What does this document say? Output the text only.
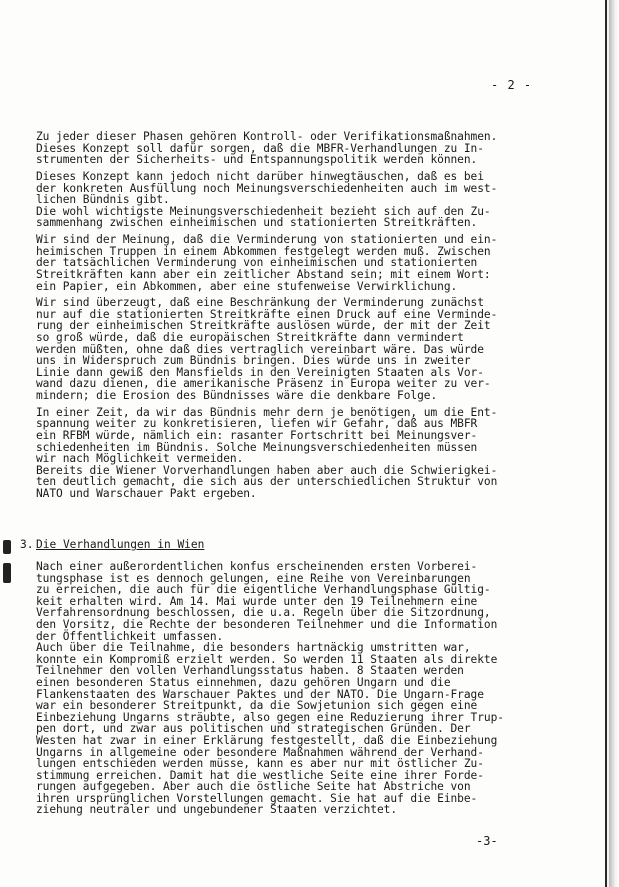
- 2 -

Zu jeder dieser Phasen gehören Kontroll- oder Verifikationsmaßnahmen.
Dieses Konzept soll dafür sorgen, daß die MBFR-Verhandlungen zu In-
strumenten der Sicherheits- und Entspannungspolitik werden können.

Dieses Konzept kann jedoch nicht darüber hinwegtäuschen, daß es bei
der konkreten Ausfüllung noch Meinungsverschiedenheiten auch im west-
lichen Bündnis gibt.
Die wohl wichtigste Meinungsverschiedenheit bezieht sich auf den Zu-
sammenhang zwischen einheimischen und stationierten Streitkräften.

Wir sind der Meinung, daß die Verminderung von stationierten und ein-
heimischen Truppen in einem Abkommen festgelegt werden muß. Zwischen
der tatsächlichen Verminderung von einheimischen und stationierten
Streitkräften kann aber ein zeitlicher Abstand sein; mit einem Wort:
ein Papier, ein Abkommen, aber eine stufenweise Verwirklichung.

Wir sind überzeugt, daß eine Beschränkung der Verminderung zunächst
nur auf die stationierten Streitkräfte einen Druck auf eine Verminde-
rung der einheimischen Streitkräfte auslösen würde, der mit der Zeit
so groß würde, daß die europäischen Streitkräfte dann vermindert
werden müßten, ohne daß dies vertraglich vereinbart wäre. Das würde
uns in Widerspruch zum Bündnis bringen. Dies würde uns in zweiter
Linie dann gewiß den Mansfields in den Vereinigten Staaten als Vor-
wand dazu dienen, die amerikanische Präsenz in Europa weiter zu ver-
mindern; die Erosion des Bündnisses wäre die denkbare Folge.

In einer Zeit, da wir das Bündnis mehr dern je benötigen, um die Ent-
spannung weiter zu konkretisieren, liefen wir Gefahr, daß aus MBFR
ein RFBM würde, nämlich ein: rasanter Fortschritt bei Meinungsver-
schiedenheiten im Bündnis. Solche Meinungsverschiedenheiten müssen
wir nach Möglichkeit vermeiden.
Bereits die Wiener Vorverhandlungen haben aber auch die Schwierigkei-
ten deutlich gemacht, die sich aus der unterschiedlichen Struktur von
NATO und Warschauer Pakt ergeben.

3. Die Verhandlungen in Wien

Nach einer außerordentlichen konfus erscheinenden ersten Vorberei-
tungsphase ist es dennoch gelungen, eine Reihe von Vereinbarungen
zu erreichen, die auch für die eigentliche Verhandlungsphase Gültig-
keit erhalten wird. Am 14. Mai wurde unter den 19 Teilnehmern eine
Verfahrensordnung beschlossen, die u.a. Regeln über die Sitzordnung,
den Vorsitz, die Rechte der besonderen Teilnehmer und die Information
der Öffentlichkeit umfassen.
Auch über die Teilnahme, die besonders hartnäckig umstritten war,
konnte ein Kompromiß erzielt werden. So werden 11 Staaten als direkte
Teilnehmer den vollen Verhandlungsstatus haben. 8 Staaten werden
einen besonderen Status einnehmen, dazu gehören Ungarn und die
Flankenstaaten des Warschauer Paktes und der NATO. Die Ungarn-Frage
war ein besonderer Streitpunkt, da die Sowjetunion sich gegen eine
Einbeziehung Ungarns sträubte, also gegen eine Reduzierung ihrer Trup-
pen dort, und zwar aus politischen und strategischen Gründen. Der
Westen hat zwar in einer Erklärung festgestellt, daß die Einbeziehung
Ungarns in allgemeine oder besondere Maßnahmen während der Verhand-
lungen entschieden werden müsse, kann es aber nur mit östlicher Zu-
stimmung erreichen. Damit hat die westliche Seite eine ihrer Forde-
rungen aufgegeben. Aber auch die östliche Seite hat Abstriche von
ihren ursprünglichen Vorstellungen gemacht. Sie hat auf die Einbe-
ziehung neutraler und ungebundener Staaten verzichtet.

-3-
